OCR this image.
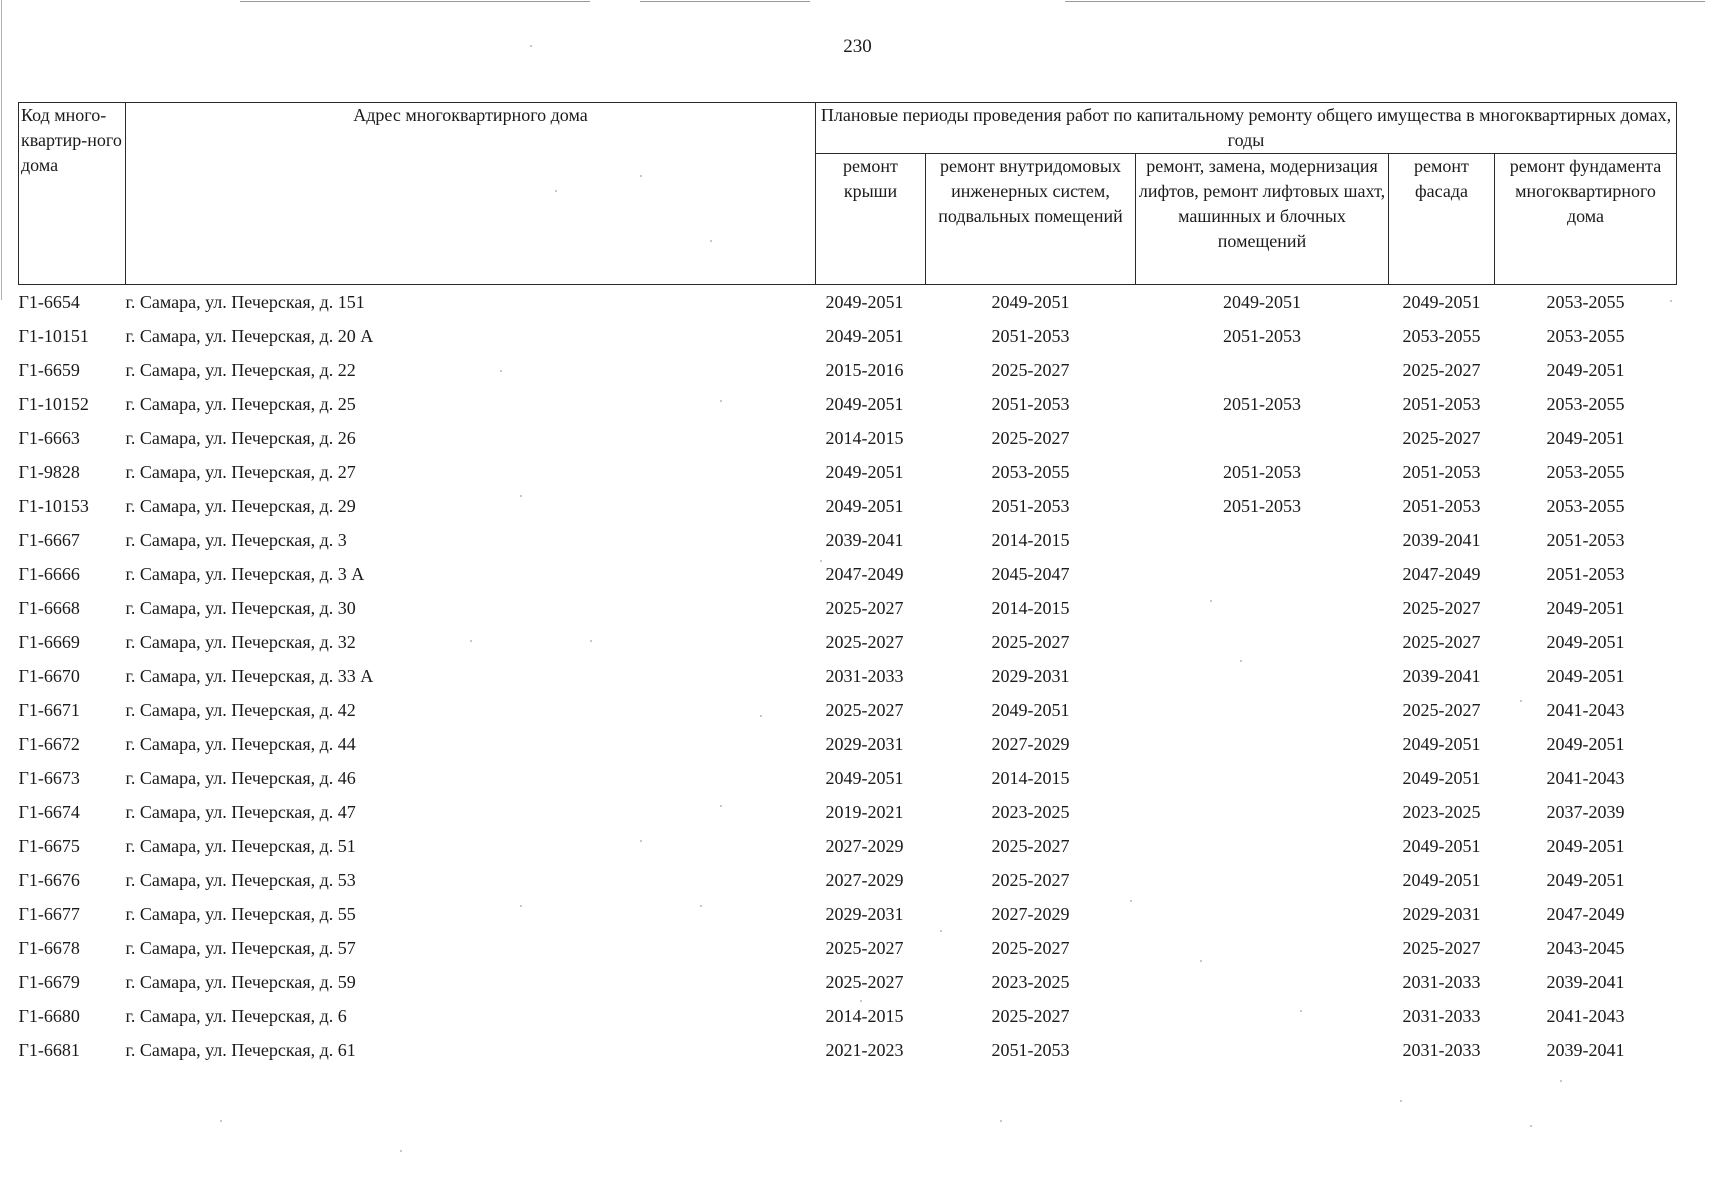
230
Код много-квартир-ного дома	Адрес многоквартирного дома	Плановые периоды проведения работ по капитальному ремонту общего имущества в многоквартирных домах, годы				
		ремонт крыши	ремонт внутридомовых инженерных систем, подвальных помещений	ремонт, замена, модернизация лифтов, ремонт лифтовых шахт, машинных и блочных помещений	ремонт фасада	ремонт фундамента многоквартирного дома
Г1-6654	г. Самара, ул. Печерская, д. 151	2049-2051	2049-2051	2049-2051	2049-2051	2053-2055
Г1-10151	г. Самара, ул. Печерская, д. 20 А	2049-2051	2051-2053	2051-2053	2053-2055	2053-2055
Г1-6659	г. Самара, ул. Печерская, д. 22	2015-2016	2025-2027		2025-2027	2049-2051
Г1-10152	г. Самара, ул. Печерская, д. 25	2049-2051	2051-2053	2051-2053	2051-2053	2053-2055
Г1-6663	г. Самара, ул. Печерская, д. 26	2014-2015	2025-2027		2025-2027	2049-2051
Г1-9828	г. Самара, ул. Печерская, д. 27	2049-2051	2053-2055	2051-2053	2051-2053	2053-2055
Г1-10153	г. Самара, ул. Печерская, д. 29	2049-2051	2051-2053	2051-2053	2051-2053	2053-2055
Г1-6667	г. Самара, ул. Печерская, д. 3	2039-2041	2014-2015		2039-2041	2051-2053
Г1-6666	г. Самара, ул. Печерская, д. 3 А	2047-2049	2045-2047		2047-2049	2051-2053
Г1-6668	г. Самара, ул. Печерская, д. 30	2025-2027	2014-2015		2025-2027	2049-2051
Г1-6669	г. Самара, ул. Печерская, д. 32	2025-2027	2025-2027		2025-2027	2049-2051
Г1-6670	г. Самара, ул. Печерская, д. 33 А	2031-2033	2029-2031		2039-2041	2049-2051
Г1-6671	г. Самара, ул. Печерская, д. 42	2025-2027	2049-2051		2025-2027	2041-2043
Г1-6672	г. Самара, ул. Печерская, д. 44	2029-2031	2027-2029		2049-2051	2049-2051
Г1-6673	г. Самара, ул. Печерская, д. 46	2049-2051	2014-2015		2049-2051	2041-2043
Г1-6674	г. Самара, ул. Печерская, д. 47	2019-2021	2023-2025		2023-2025	2037-2039
Г1-6675	г. Самара, ул. Печерская, д. 51	2027-2029	2025-2027		2049-2051	2049-2051
Г1-6676	г. Самара, ул. Печерская, д. 53	2027-2029	2025-2027		2049-2051	2049-2051
Г1-6677	г. Самара, ул. Печерская, д. 55	2029-2031	2027-2029		2029-2031	2047-2049
Г1-6678	г. Самара, ул. Печерская, д. 57	2025-2027	2025-2027		2025-2027	2043-2045
Г1-6679	г. Самара, ул. Печерская, д. 59	2025-2027	2023-2025		2031-2033	2039-2041
Г1-6680	г. Самара, ул. Печерская, д. 6	2014-2015	2025-2027		2031-2033	2041-2043
Г1-6681	г. Самара, ул. Печерская, д. 61	2021-2023	2051-2053		2031-2033	2039-2041
